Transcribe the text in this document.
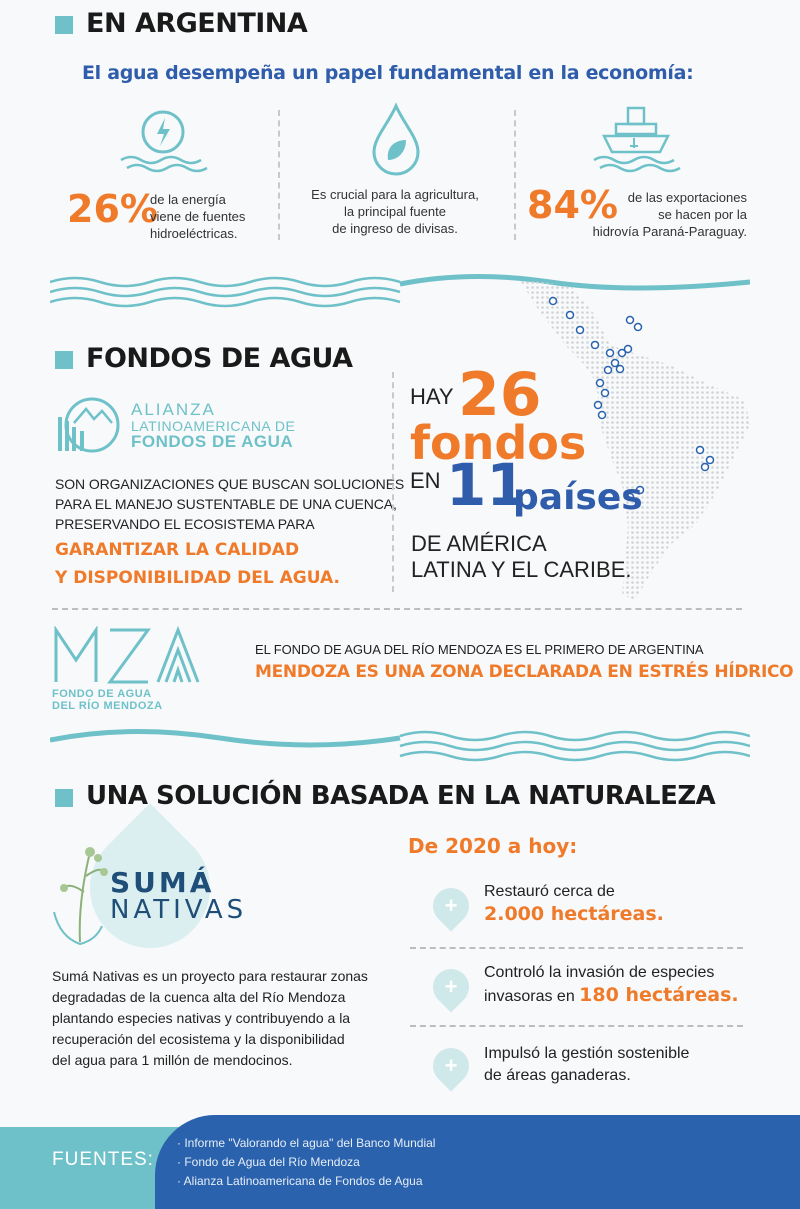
EN ARGENTINA
El agua desempeña un papel fundamental en la economía:
26%
de la energía
viene de fuentes
hidroeléctricas.
Es crucial para la agricultura,
la principal fuente
de ingreso de divisas.
84% de las exportaciones
se hacen por la
hidrovía Paraná-Paraguay.
FONDOS DE AGUA
ALIANZA
LATINOAMERICANA DE
FONDOS DE AGUA
SON ORGANIZACIONES QUE BUSCAN SOLUCIONES
PARA EL MANEJO SUSTENTABLE DE UNA CUENCA,
PRESERVANDO EL ECOSISTEMA PARA
GARANTIZAR LA CALIDAD
Y DISPONIBILIDAD DEL AGUA.
HAY 26
fondos
EN 11
países
DE AMÉRICA
LATINA Y EL CARIBE.
FONDO DE AGUA
DEL RÍO MENDOZA
EL FONDO DE AGUA DEL RÍO MENDOZA ES EL PRIMERO DE ARGENTINA
MENDOZA ES UNA ZONA DECLARADA EN ESTRÉS HÍDRICO
UNA SOLUCIÓN BASADA EN LA NATURALEZA
SUMÁ
NATIVAS
Sumá Nativas es un proyecto para restaurar zonas
degradadas de la cuenca alta del Río Mendoza
plantando especies nativas y contribuyendo a la
recuperación del ecosistema y la disponibilidad
del agua para 1 millón de mendocinos.
De 2020 a hoy:
+
Restauró cerca de
2.000 hectáreas.
+
Controló la invasión de especies
invasoras en 180 hectáreas.
+	Impulsó la gestión sostenible
de áreas ganaderas.
FUENTES:
· Informe "Valorando el agua" del Banco Mundial
· Fondo de Agua del Río Mendoza
· Alianza Latinoamericana de Fondos de Agua
